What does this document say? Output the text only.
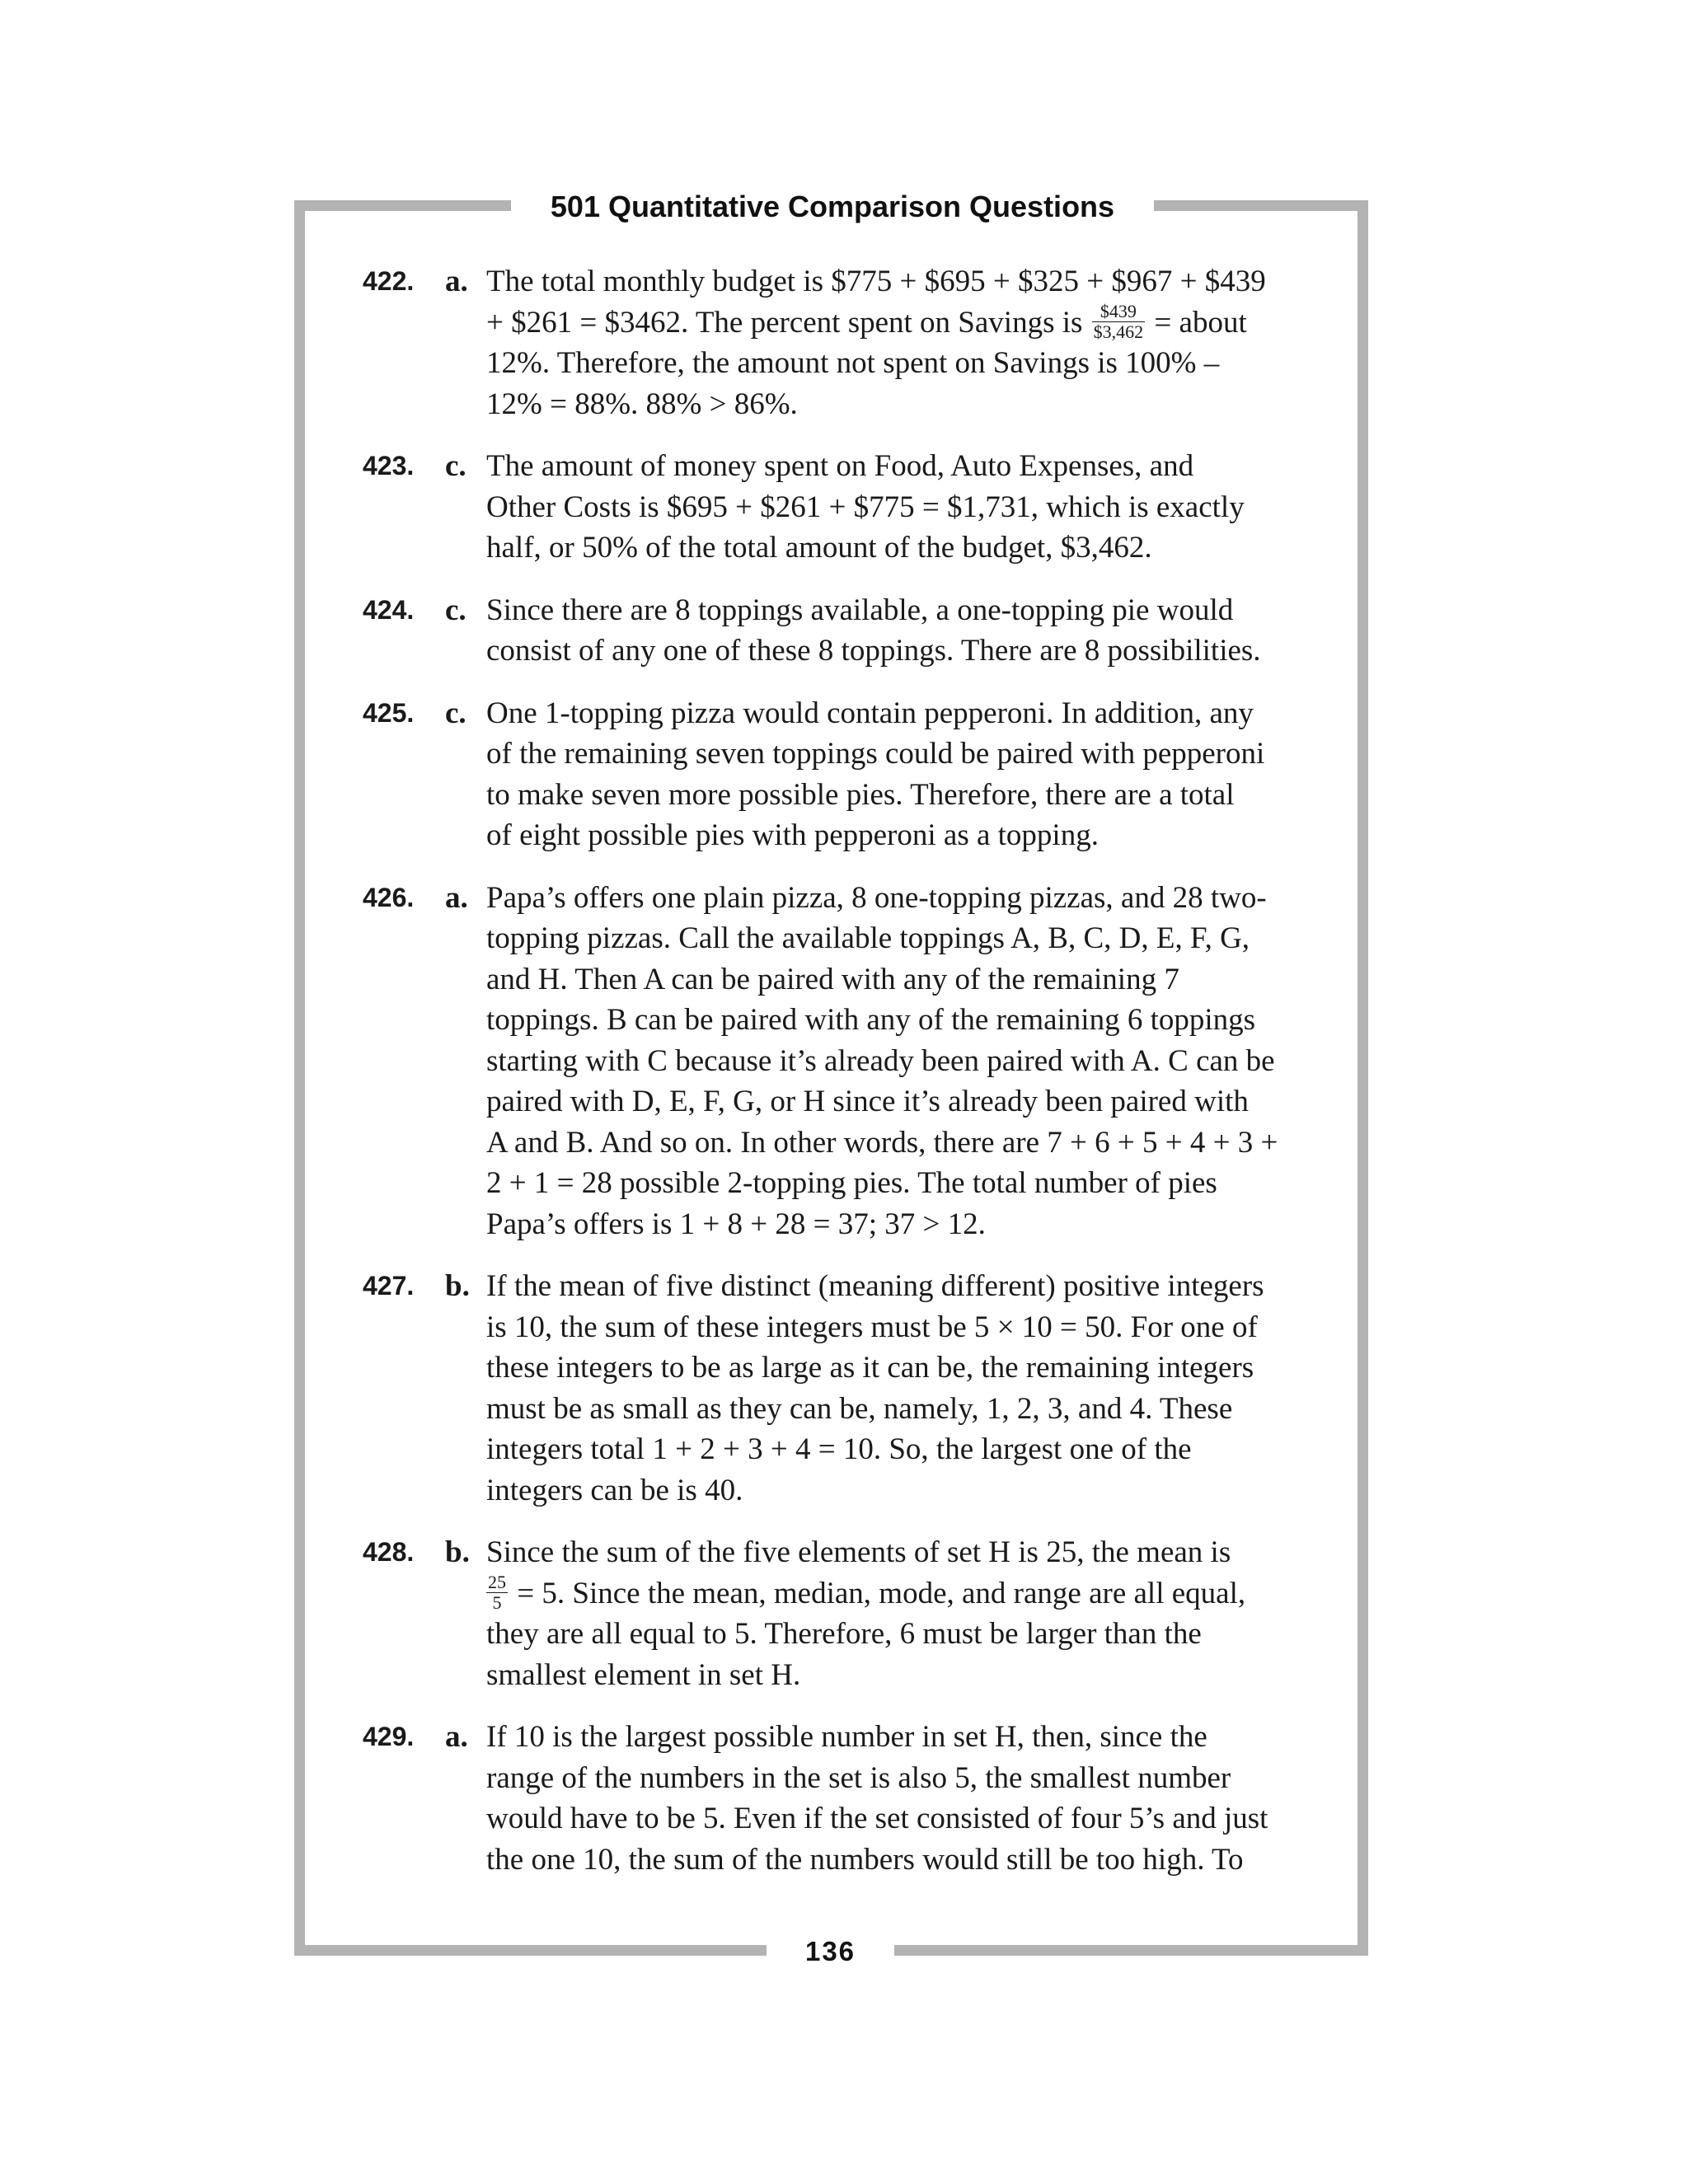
501 Quantitative Comparison Questions
422. a. The total monthly budget is $775 + $695 + $325 + $967 + $439
+ $261 = $3462. The percent spent on Savings is $\frac{\$439}{\$3,462}$ = about
12%. Therefore, the amount not spent on Savings is 100% –
12% = 88%. 88% > 86%.
423. c. The amount of money spent on Food, Auto Expenses, and
Other Costs is $695 + $261 + $775 = $1,731, which is exactly
half, or 50% of the total amount of the budget, $3,462.
424. c. Since there are 8 toppings available, a one-topping pie would
consist of any one of these 8 toppings. There are 8 possibilities.
425. c. One 1-topping pizza would contain pepperoni. In addition, any
of the remaining seven toppings could be paired with pepperoni
to make seven more possible pies. Therefore, there are a total
of eight possible pies with pepperoni as a topping.
426. a. Papa’s offers one plain pizza, 8 one-topping pizzas, and 28 two-
topping pizzas. Call the available toppings A, B, C, D, E, F, G,
and H. Then A can be paired with any of the remaining 7
toppings. B can be paired with any of the remaining 6 toppings
starting with C because it’s already been paired with A. C can be
paired with D, E, F, G, or H since it’s already been paired with
A and B. And so on. In other words, there are 7 + 6 + 5 + 4 + 3 +
2 + 1 = 28 possible 2-topping pies. The total number of pies
Papa’s offers is 1 + 8 + 28 = 37; 37 > 12.
427. b. If the mean of five distinct (meaning different) positive integers
is 10, the sum of these integers must be 5 × 10 = 50. For one of
these integers to be as large as it can be, the remaining integers
must be as small as they can be, namely, 1, 2, 3, and 4. These
integers total 1 + 2 + 3 + 4 = 10. So, the largest one of the
integers can be is 40.
428. b. Since the sum of the five elements of set H is 25, the mean is
$\frac{25}{5} = 5$. Since the mean, median, mode, and range are all equal,
they are all equal to 5. Therefore, 6 must be larger than the
smallest element in set H.
429. a. If 10 is the largest possible number in set H, then, since the
range of the numbers in the set is also 5, the smallest number
would have to be 5. Even if the set consisted of four 5’s and just
the one 10, the sum of the numbers would still be too high. To
136
